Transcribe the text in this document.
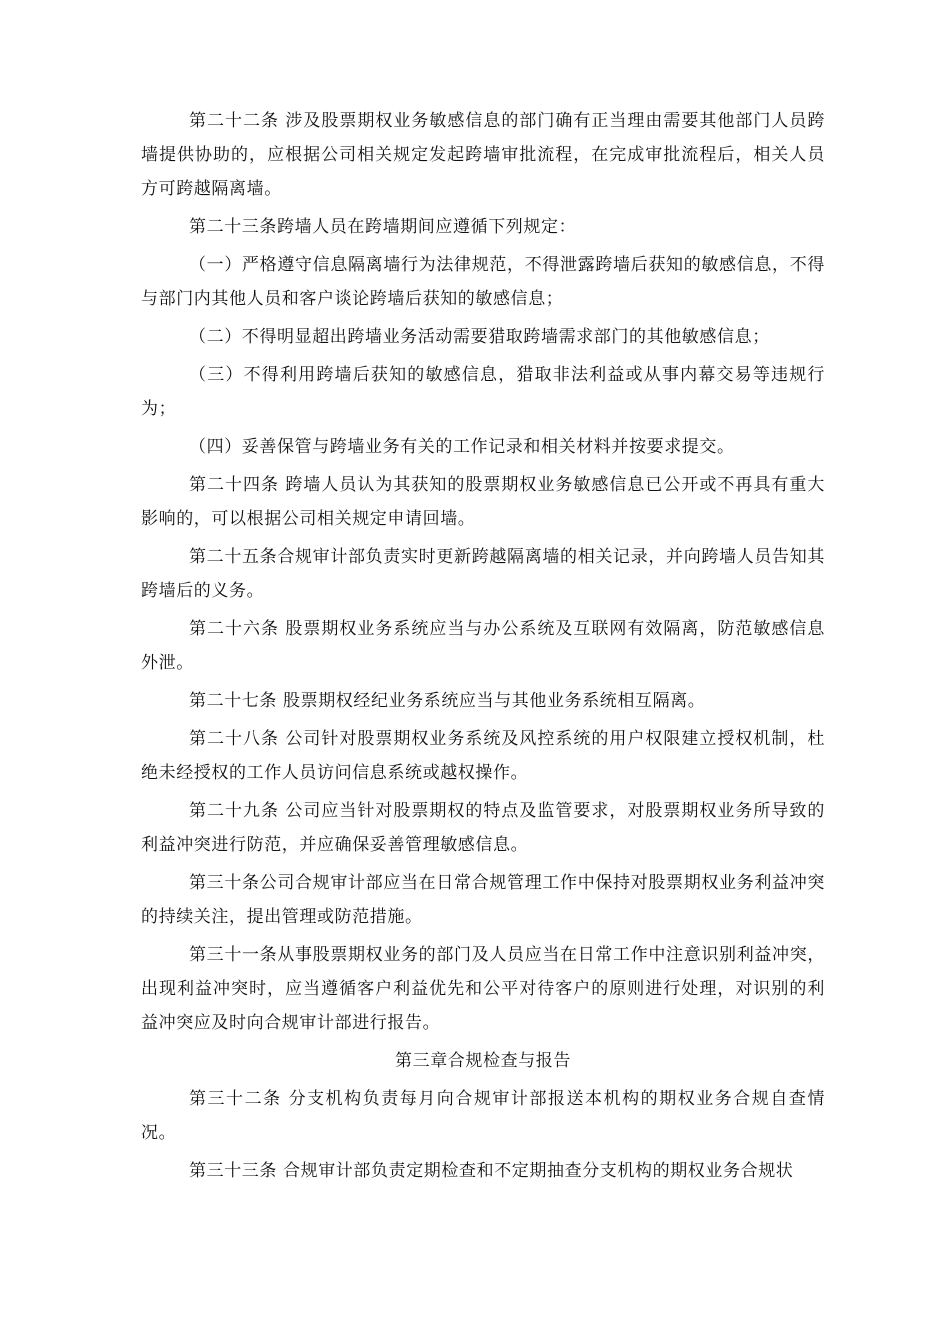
第二十二条 涉及股票期权业务敏感信息的部门确有正当理由需要其他部门人员跨墙提供协助的，应根据公司相关规定发起跨墙审批流程，在完成审批流程后，相关人员方可跨越隔离墙。

第二十三条跨墙人员在跨墙期间应遵循下列规定：

（一）严格遵守信息隔离墙行为法律规范，不得泄露跨墙后获知的敏感信息，不得与部门内其他人员和客户谈论跨墙后获知的敏感信息；

（二）不得明显超出跨墙业务活动需要猎取跨墙需求部门的其他敏感信息；

（三）不得利用跨墙后获知的敏感信息，猎取非法利益或从事内幕交易等违规行为；

（四）妥善保管与跨墙业务有关的工作记录和相关材料并按要求提交。

第二十四条 跨墙人员认为其获知的股票期权业务敏感信息已公开或不再具有重大影响的，可以根据公司相关规定申请回墙。

第二十五条合规审计部负责实时更新跨越隔离墙的相关记录，并向跨墙人员告知其跨墙后的义务。

第二十六条 股票期权业务系统应当与办公系统及互联网有效隔离，防范敏感信息外泄。

第二十七条 股票期权经纪业务系统应当与其他业务系统相互隔离。

第二十八条 公司针对股票期权业务系统及风控系统的用户权限建立授权机制，杜绝未经授权的工作人员访问信息系统或越权操作。

第二十九条 公司应当针对股票期权的特点及监管要求，对股票期权业务所导致的利益冲突进行防范，并应确保妥善管理敏感信息。

第三十条公司合规审计部应当在日常合规管理工作中保持对股票期权业务利益冲突的持续关注，提出管理或防范措施。

第三十一条从事股票期权业务的部门及人员应当在日常工作中注意识别利益冲突，出现利益冲突时，应当遵循客户利益优先和公平对待客户的原则进行处理，对识别的利益冲突应及时向合规审计部进行报告。

第三章合规检查与报告

第三十二条 分支机构负责每月向合规审计部报送本机构的期权业务合规自查情况。

第三十三条 合规审计部负责定期检查和不定期抽查分支机构的期权业务合规状
